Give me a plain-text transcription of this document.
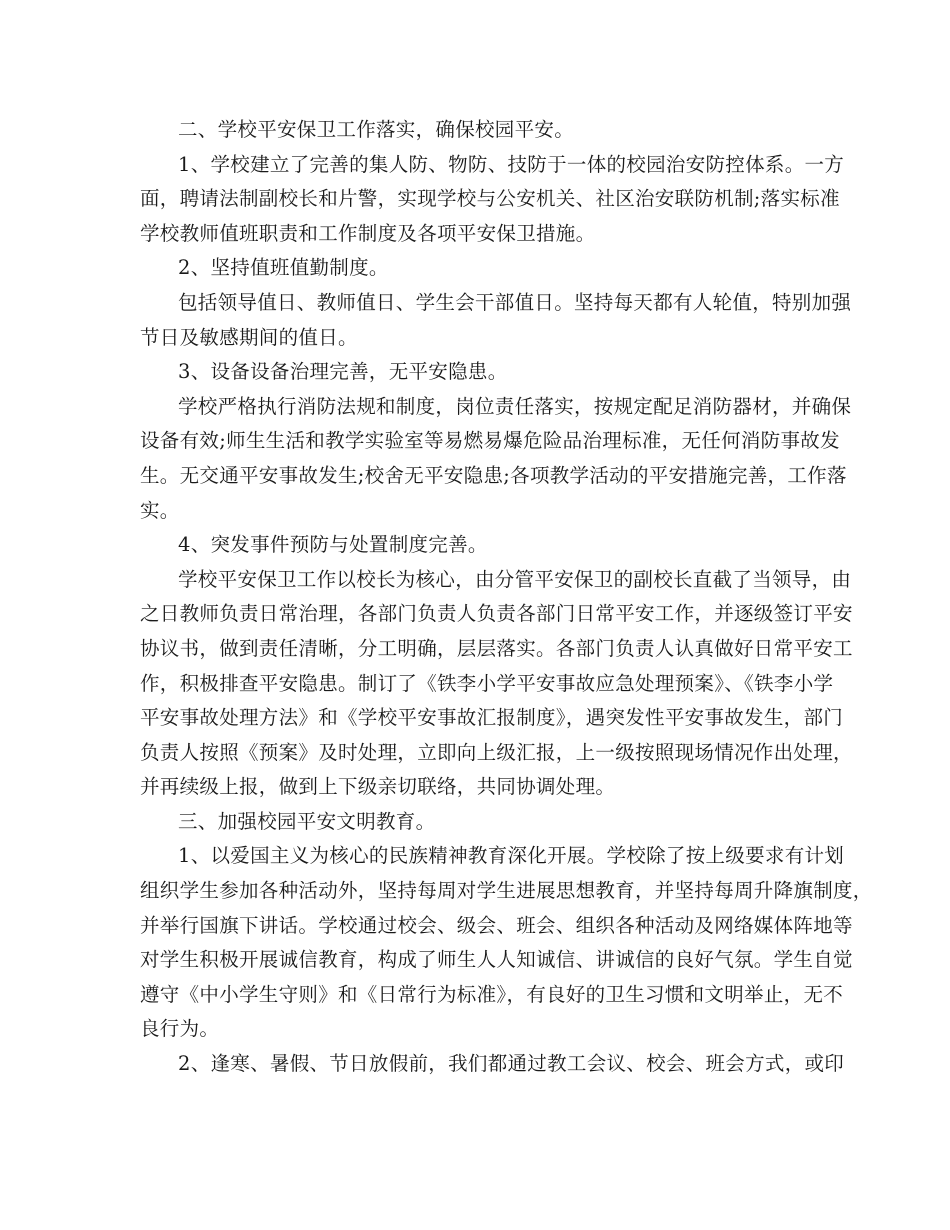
二、学校平安保卫工作落实，确保校园平安。
1、学校建立了完善的集人防、物防、技防于一体的校园治安防控体系。一方
面，聘请法制副校长和片警，实现学校与公安机关、社区治安联防机制;落实标准
学校教师值班职责和工作制度及各项平安保卫措施。
2、坚持值班值勤制度。
包括领导值日、教师值日、学生会干部值日。坚持每天都有人轮值，特别加强
节日及敏感期间的值日。
3、设备设备治理完善，无平安隐患。
学校严格执行消防法规和制度，岗位责任落实，按规定配足消防器材，并确保
设备有效;师生生活和教学实验室等易燃易爆危险品治理标准，无任何消防事故发
生。无交通平安事故发生;校舍无平安隐患;各项教学活动的平安措施完善，工作落
实。
4、突发事件预防与处置制度完善。
学校平安保卫工作以校长为核心，由分管平安保卫的副校长直截了当领导，由
之日教师负责日常治理，各部门负责人负责各部门日常平安工作，并逐级签订平安
协议书，做到责任清晰，分工明确，层层落实。各部门负责人认真做好日常平安工
作，积极排查平安隐患。制订了《铁李小学平安事故应急处理预案》、《铁李小学
平安事故处理方法》和《学校平安事故汇报制度》，遇突发性平安事故发生，部门
负责人按照《预案》及时处理，立即向上级汇报，上一级按照现场情况作出处理，
并再续级上报，做到上下级亲切联络，共同协调处理。
三、加强校园平安文明教育。
1、以爱国主义为核心的民族精神教育深化开展。学校除了按上级要求有计划
组织学生参加各种活动外，坚持每周对学生进展思想教育，并坚持每周升降旗制度，
并举行国旗下讲话。学校通过校会、级会、班会、组织各种活动及网络媒体阵地等
对学生积极开展诚信教育，构成了师生人人知诚信、讲诚信的良好气氛。学生自觉
遵守《中小学生守则》和《日常行为标准》，有良好的卫生习惯和文明举止，无不
良行为。
2、逢寒、暑假、节日放假前，我们都通过教工会议、校会、班会方式，或印
